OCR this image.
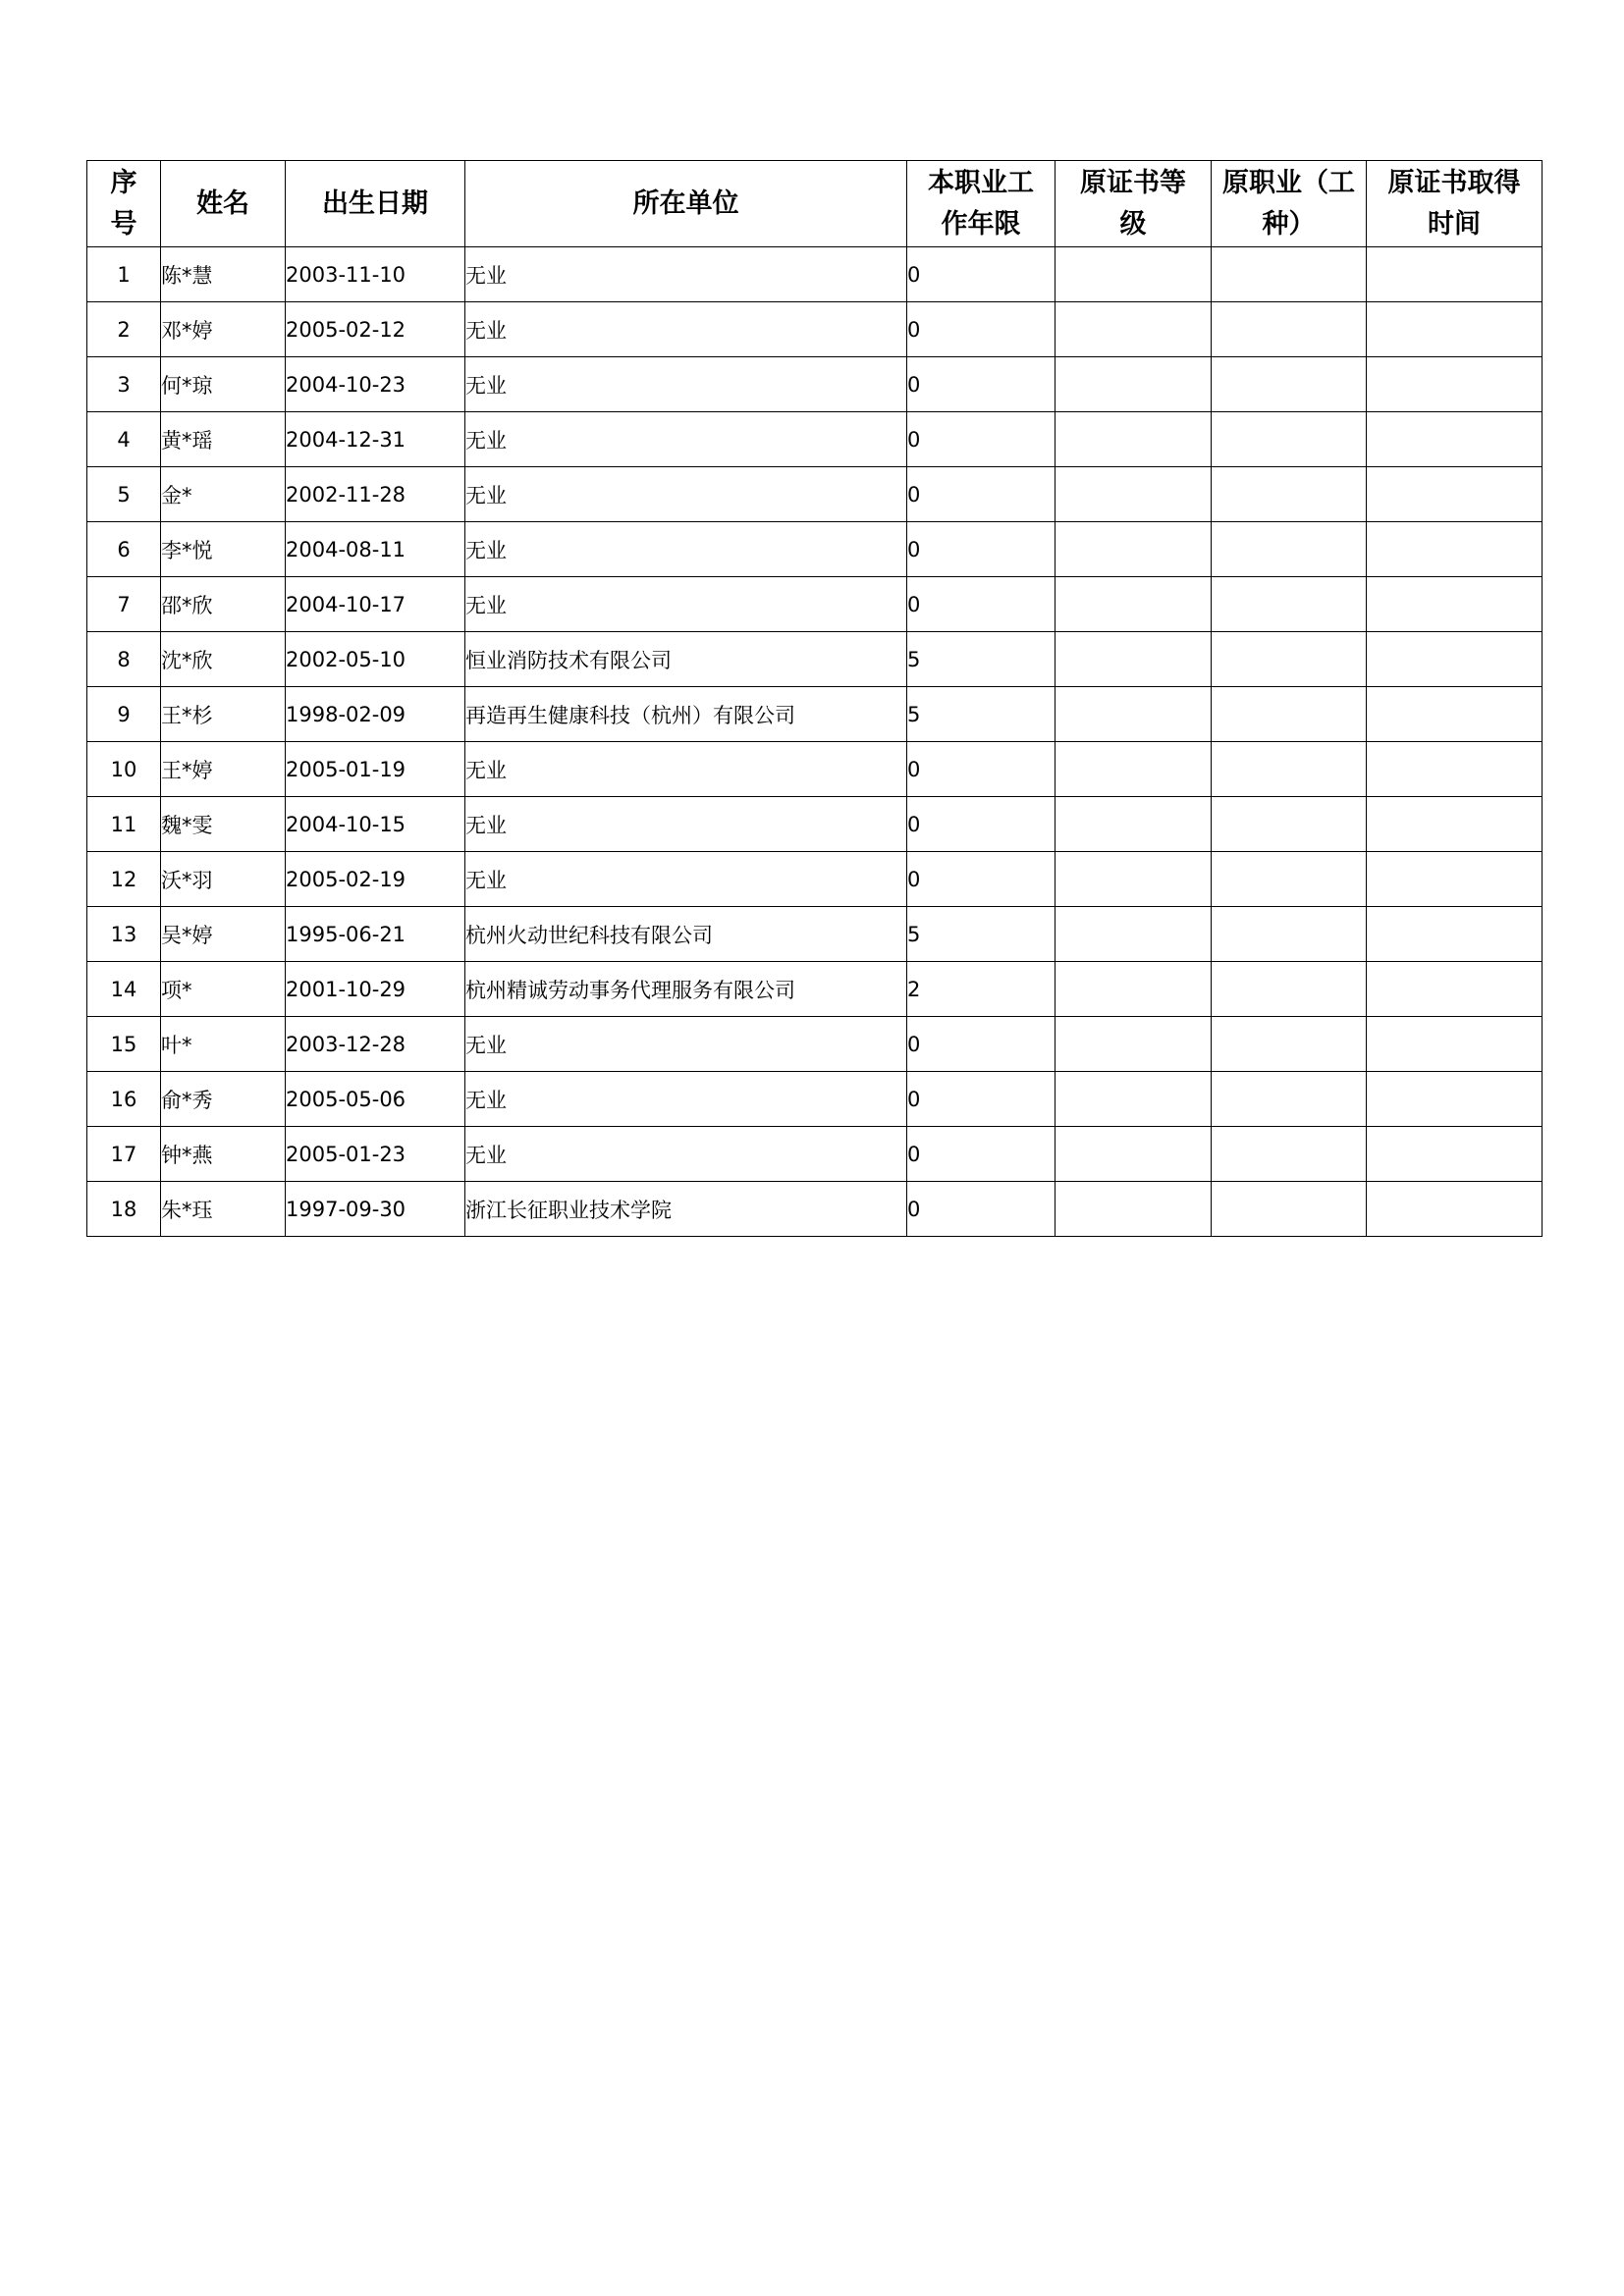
序号	姓名	出生日期	所在单位	本职业工作年限	原证书等级	原职业（工种）	原证书取得时间
1	陈*慧	2003-11-10	无业	0			
2	邓*婷	2005-02-12	无业	0			
3	何*琼	2004-10-23	无业	0			
4	黄*瑶	2004-12-31	无业	0			
5	金*	2002-11-28	无业	0			
6	李*悦	2004-08-11	无业	0			
7	邵*欣	2004-10-17	无业	0			
8	沈*欣	2002-05-10	恒业消防技术有限公司	5			
9	王*杉	1998-02-09	再造再生健康科技（杭州）有限公司	5			
10	王*婷	2005-01-19	无业	0			
11	魏*雯	2004-10-15	无业	0			
12	沃*羽	2005-02-19	无业	0			
13	吴*婷	1995-06-21	杭州火动世纪科技有限公司	5			
14	项*	2001-10-29	杭州精诚劳动事务代理服务有限公司	2			
15	叶*	2003-12-28	无业	0			
16	俞*秀	2005-05-06	无业	0			
17	钟*燕	2005-01-23	无业	0			
18	朱*珏	1997-09-30	浙江长征职业技术学院	0			
